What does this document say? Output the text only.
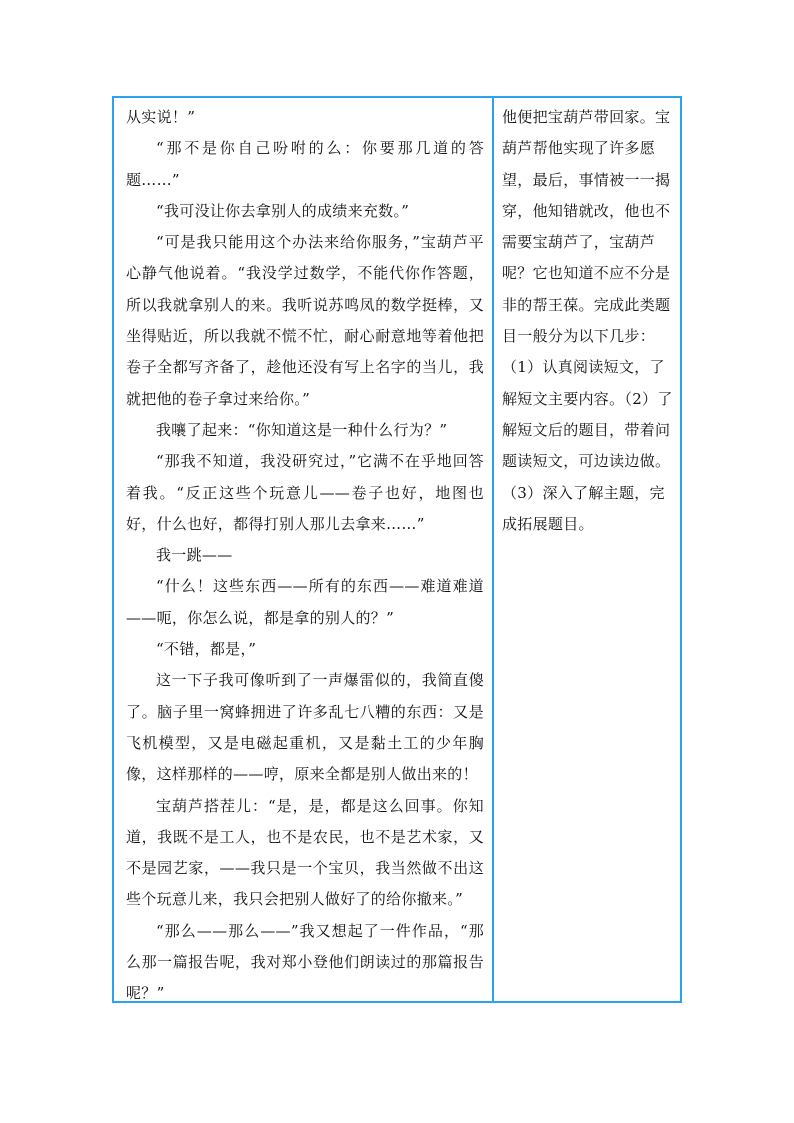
从实说！”

“那不是你自己吩咐的么：你要那几道的答题……”

“我可没让你去拿别人的成绩来充数。”

“可是我只能用这个办法来给你服务，”宝葫芦平心静气他说着。“我没学过数学，不能代你作答题，所以我就拿别人的来。我听说苏鸣凤的数学挺棒，又坐得贴近，所以我就不慌不忙，耐心耐意地等着他把卷子全都写齐备了，趁他还没有写上名字的当儿，我就把他的卷子拿过来给你。”

我嚷了起来：“你知道这是一种什么行为？”

“那我不知道，我没研究过，”它满不在乎地回答着我。“反正这些个玩意儿——卷子也好，地图也好，什么也好，都得打别人那儿去拿来……”

我一跳——

“什么！这些东西——所有的东西——难道难道——呃，你怎么说，都是拿的别人的？”

“不错，都是，”

这一下子我可像听到了一声爆雷似的，我简直傻了。脑子里一窝蜂拥进了许多乱七八糟的东西：又是飞机模型，又是电磁起重机，又是黏土工的少年胸像，这样那样的——哼，原来全都是别人做出来的！

宝葫芦搭茬儿：“是，是，都是这么回事。你知道，我既不是工人，也不是农民，也不是艺术家，又不是园艺家，——我只是一个宝贝，我当然做不出这些个玩意儿来，我只会把别人做好了的给你撤来。”

“那么——那么——”我又想起了一件作品，“那么那一篇报告呢，我对郑小登他们朗读过的那篇报告呢？”

他便把宝葫芦带回家。宝葫芦帮他实现了许多愿望，最后，事情被一一揭穿，他知错就改，他也不需要宝葫芦了，宝葫芦呢？它也知道不应不分是非的帮王葆。完成此类题目一般分为以下几步：（1）认真阅读短文，了解短文主要内容。（2）了解短文后的题目，带着问题读短文，可边读边做。（3）深入了解主题，完成拓展题目。
